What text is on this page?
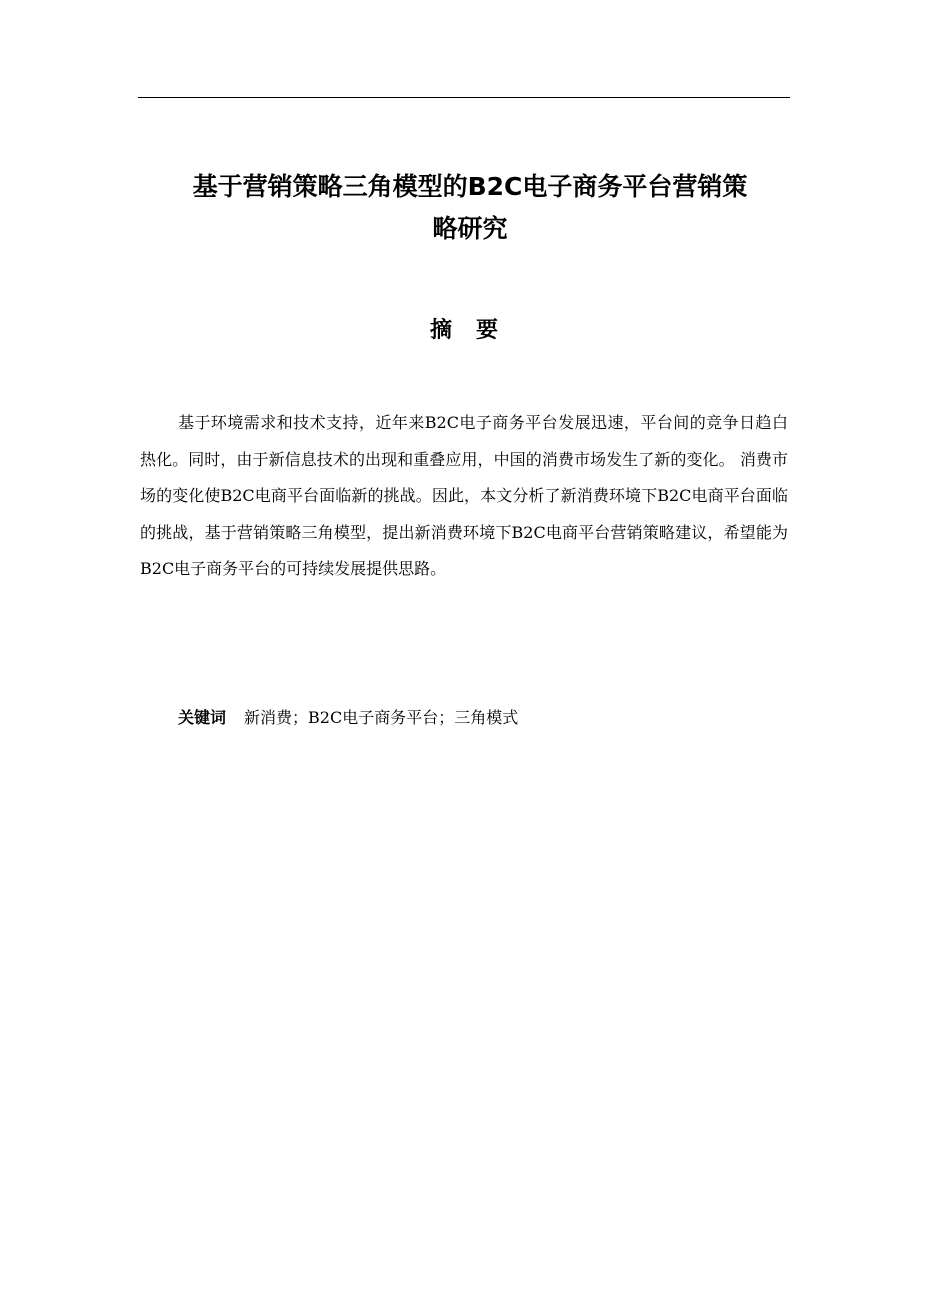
基于营销策略三角模型的B2C电子商务平台营销策
略研究
摘要

基于环境需求和技术支持，近年来B2C电子商务平台发展迅速，平台间的竞争日趋白热化。同时，由于新信息技术的出现和重叠应用，中国的消费市场发生了新的变化。 消费市场的变化使B2C电商平台面临新的挑战。因此，本文分析了新消费环境下B2C电商平台面临的挑战，基于营销策略三角模型，提出新消费环境下B2C电商平台营销策略建议，希望能为B2C电子商务平台的可持续发展提供思路。

关键词 新消费；B2C电子商务平台；三角模式
